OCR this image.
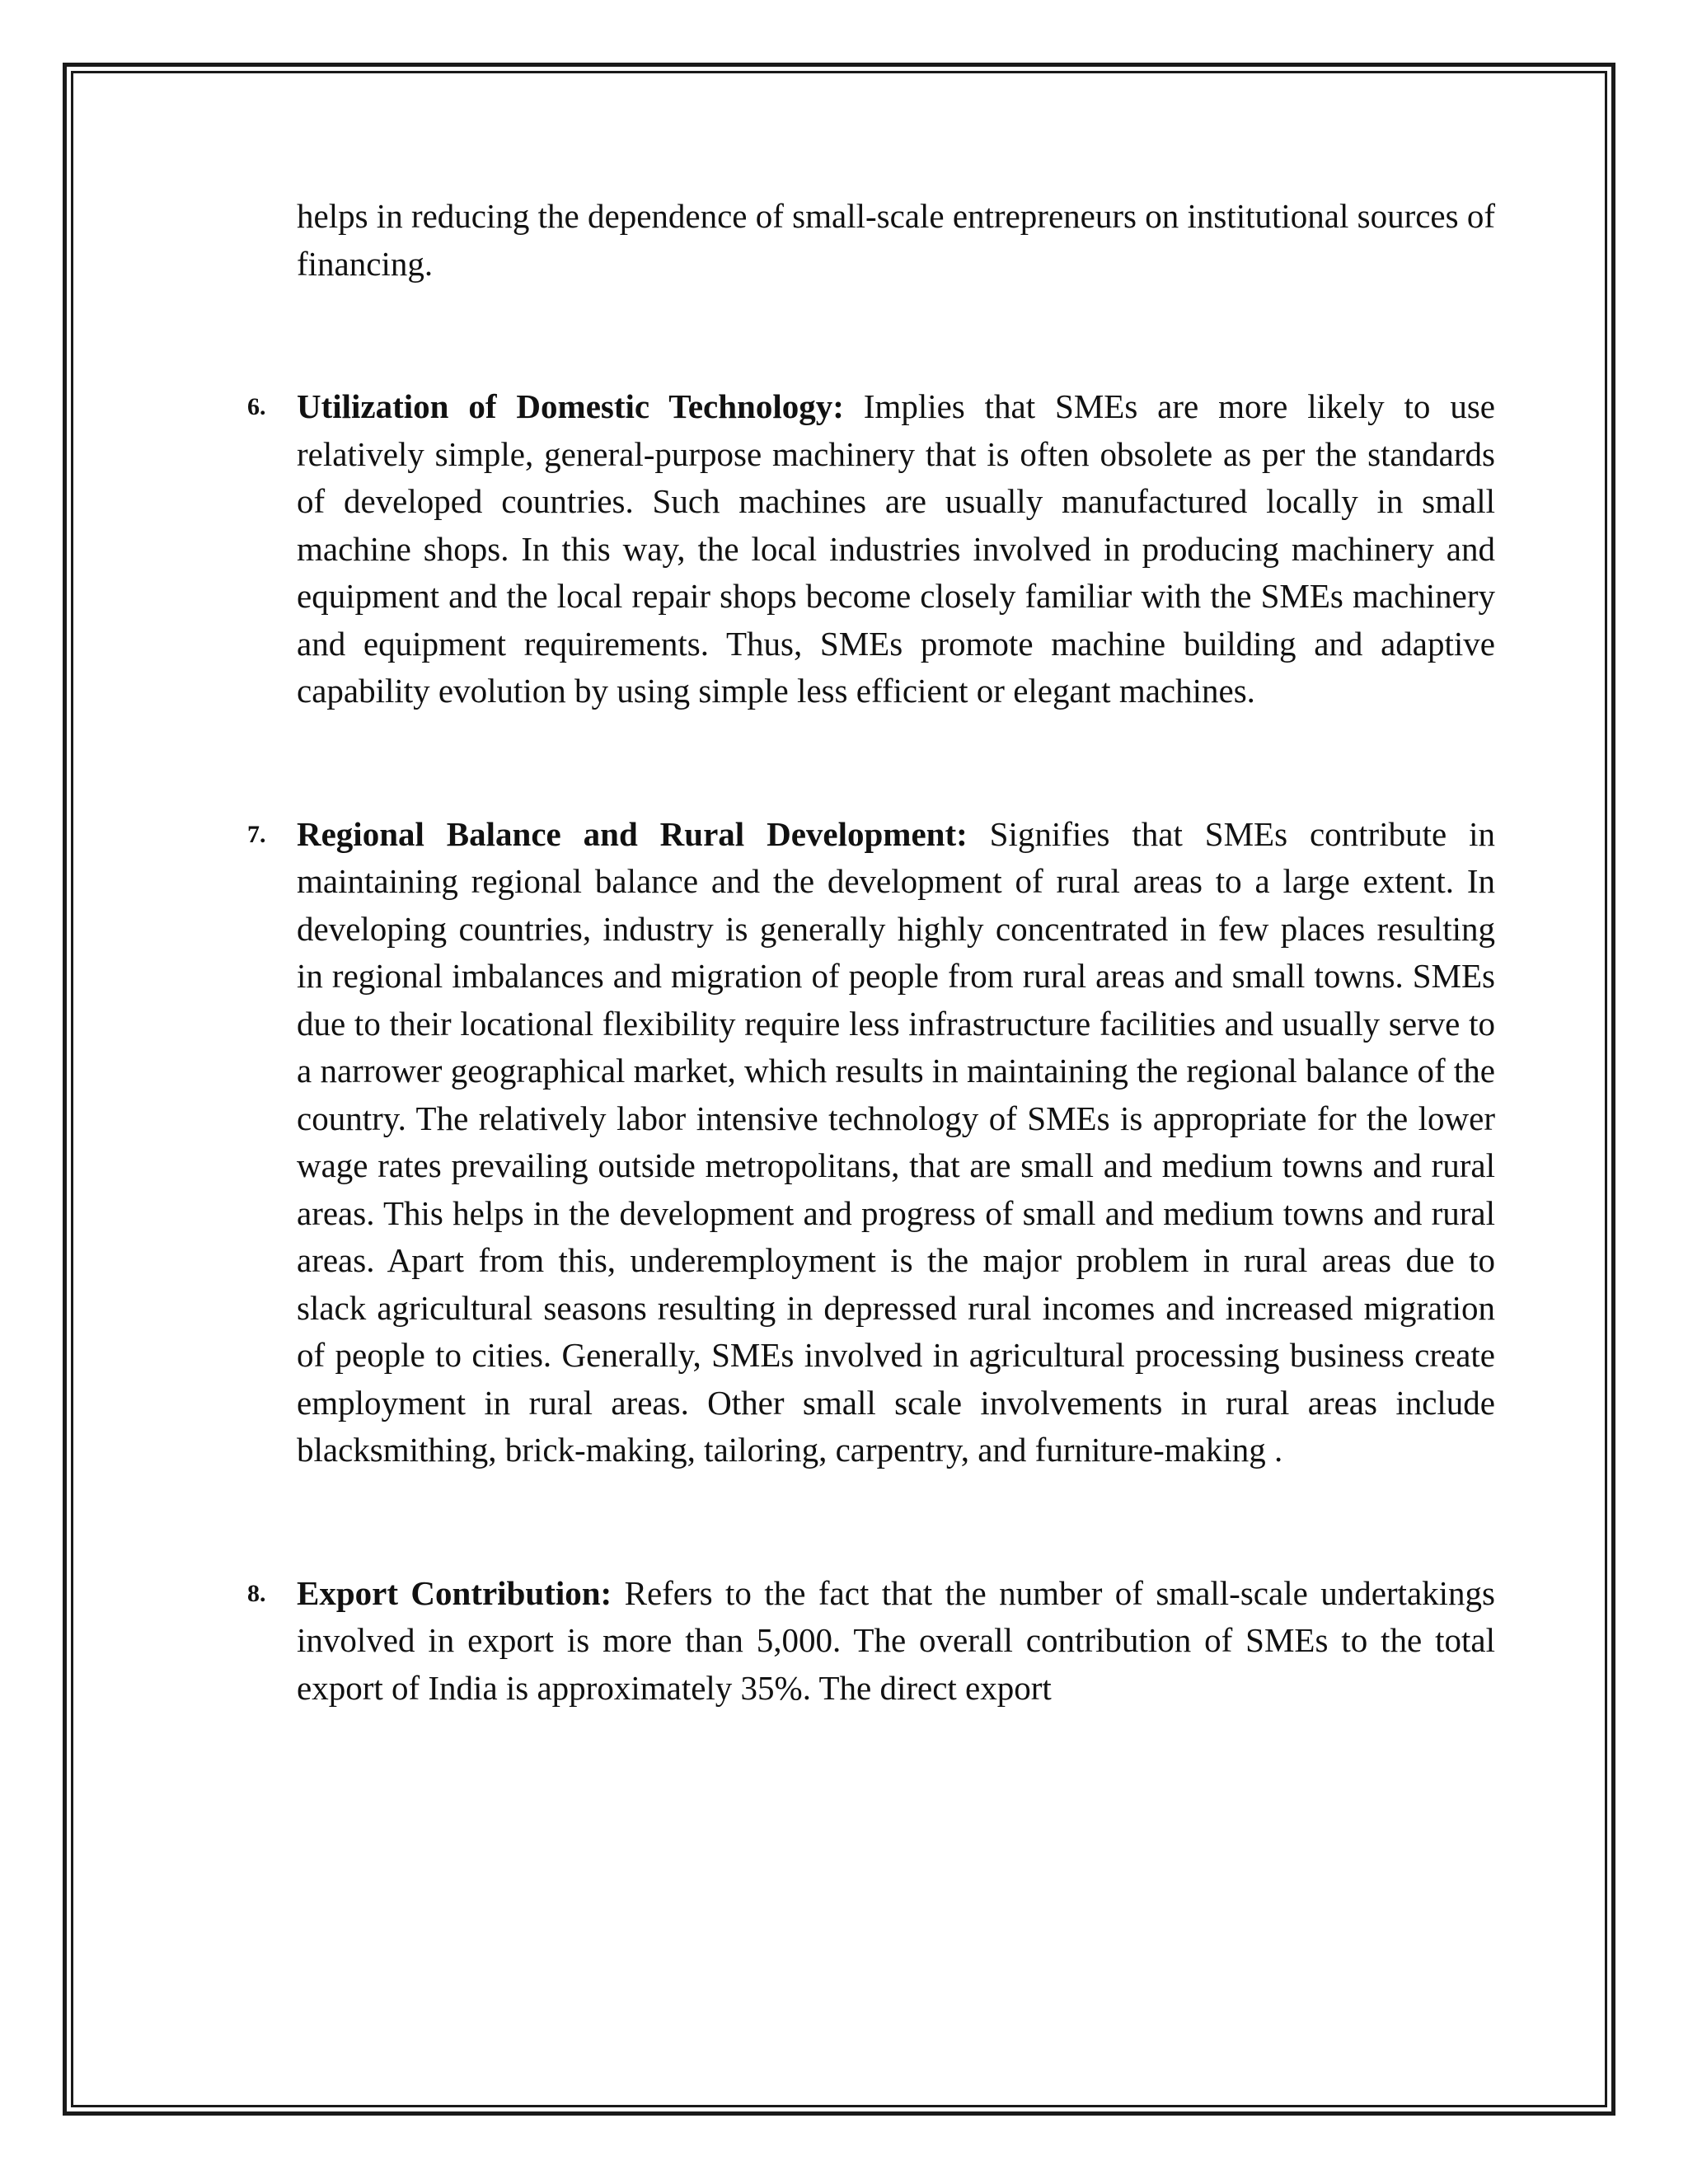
helps in reducing the dependence of small-scale entrepreneurs on institutional sources of financing.

6. Utilization of Domestic Technology: Implies that SMEs are more likely to use relatively simple, general-purpose machinery that is often obsolete as per the standards of developed countries. Such machines are usually manufactured locally in small machine shops. In this way, the local industries involved in producing machinery and equipment and the local repair shops become closely familiar with the SMEs machinery and equipment requirements. Thus, SMEs promote machine building and adaptive capability evolution by using simple less efficient or elegant machines.

7. Regional Balance and Rural Development: Signifies that SMEs contribute in maintaining regional balance and the development of rural areas to a large extent. In developing countries, industry is generally highly concentrated in few places resulting in regional imbalances and migration of people from rural areas and small towns. SMEs due to their locational flexibility require less infrastructure facilities and usually serve to a narrower geographical market, which results in maintaining the regional balance of the country. The relatively labor intensive technology of SMEs is appropriate for the lower wage rates prevailing outside metropolitans, that are small and medium towns and rural areas. This helps in the development and progress of small and medium towns and rural areas. Apart from this, underemployment is the major problem in rural areas due to slack agricultural seasons resulting in depressed rural incomes and increased migration of people to cities. Generally, SMEs involved in agricultural processing business create employment in rural areas. Other small scale involvements in rural areas include blacksmithing, brick-making, tailoring, carpentry, and furniture-making .

8. Export Contribution: Refers to the fact that the number of small-scale undertakings involved in export is more than 5,000. The overall contribution of SMEs to the total export of India is approximately 35%. The direct export
